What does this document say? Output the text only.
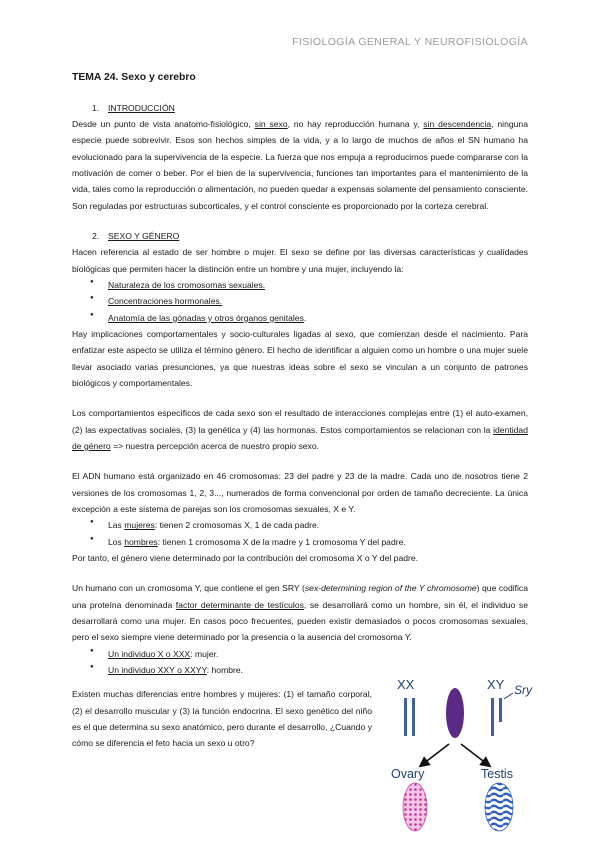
FISIOLOGÍA GENERAL Y NEUROFISIOLOGÍA
TEMA 24. Sexo y cerebro
1. INTRODUCCIÓN

Desde un punto de vista anatomo-fisiológico, sin sexo, no hay reproducción humana y, sin descendencia, ninguna especie puede sobrevivir. Esos son hechos simples de la vida, y a lo largo de muchos de años el SN humano ha evolucionado para la supervivencia de la especie. La fuerza que nos empuja a reproducirnos puede compararse con la motivación de comer o beber. Por el bien de la supervivencia, funciones tan importantes para el mantenimiento de la vida, tales como la reproducción o alimentación, no pueden quedar a expensas solamente del pensamiento consciente. Son reguladas por estructuras subcorticales, y el control consciente es proporcionado por la corteza cerebral.

2. SEXO Y GÉNERO

Hacen referencia al estado de ser hombre o mujer. El sexo se define por las diversas características y cualidades biológicas que permiten hacer la distinción entre un hombre y una mujer, incluyendo la:

● Naturaleza de los cromosomas sexuales.
● Concentraciones hormonales.
● Anatomía de las gónadas y otros órganos genitales.

Hay implicaciones comportamentales y socio-culturales ligadas al sexo, que comienzan desde el nacimiento. Para enfatizar este aspecto se utiliza el término género. El hecho de identificar a alguien como un hombre o una mujer suele llevar asociado varias presunciones, ya que nuestras ideas sobre el sexo se vinculan a un conjunto de patrones biológicos y comportamentales.

Los comportamientos específicos de cada sexo son el resultado de interacciones complejas entre (1) el auto-examen, (2) las expectativas sociales, (3) la genética y (4) las hormonas. Estos comportamientos se relacionan con la identidad de género => nuestra percepción acerca de nuestro propio sexo.

El ADN humano está organizado en 46 cromosomas: 23 del padre y 23 de la madre. Cada uno de nosotros tiene 2 versiones de los cromosomas 1, 2, 3..., numerados de forma convencional por orden de tamaño decreciente. La única excepción a este sistema de parejas son los cromosomas sexuales, X e Y.

● Las mujeres: tienen 2 cromosomas X, 1 de cada padre.
● Los hombres: tienen 1 cromosoma X de la madre y 1 cromosoma Y del padre.

Por tanto, el género viene determinado por la contribución del cromosoma X o Y del padre.

Un humano con un cromosoma Y, que contiene el gen SRY (sex-determining region of the Y chromosome) que codifica una proteína denominada factor determinante de testículos, se desarrollará como un hombre, sin él, el individuo se desarrollará como una mujer. En casos poco frecuentes, pueden existir demasiados o pocos cromosomas sexuales, pero el sexo siempre viene determinado por la presencia o la ausencia del cromosoma Y.

● Un individuo X o XXX: mujer.
● Un individuo XXY o XXYY: hombre.

Existen muchas diferencias entre hombres y mujeres: (1) el tamaño corporal, (2) el desarrollo muscular y (3) la función endocrina. El sexo genético del niño es el que determina su sexo anatómico, pero durante el desarrollo, ¿Cuando y cómo se diferencia el feto hacia un sexo u otro?

XX	XY Sry
Ovary	Testis
